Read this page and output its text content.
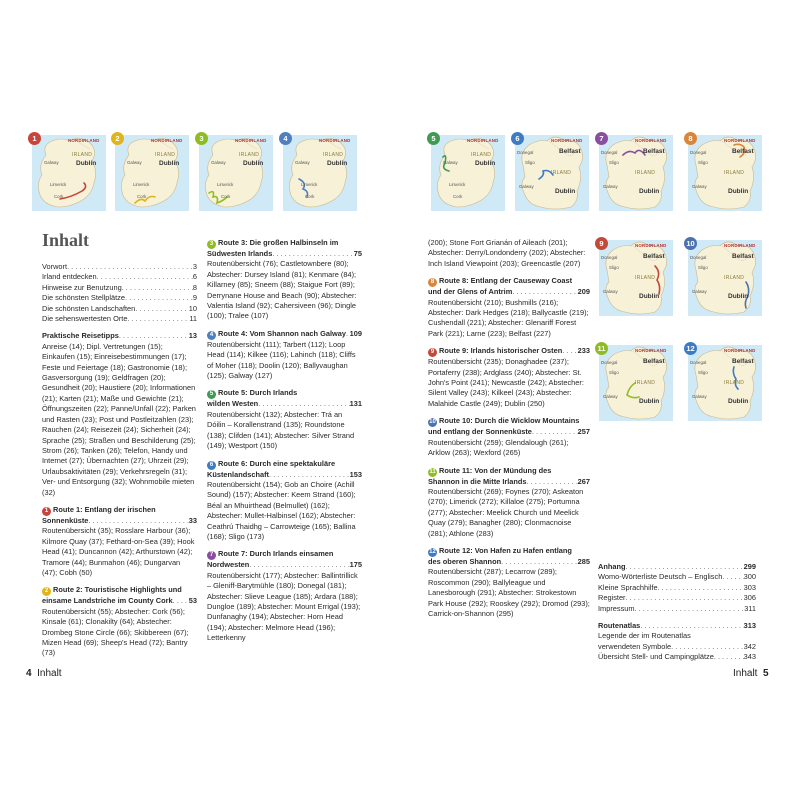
NORDIRLAND
IRLAND
Dublin
Galway
Limerick
Cork
1	NORDIRLAND
IRLAND
Dublin
Galway
Limerick
Cork
2	NORDIRLAND
IRLAND
Dublin
Galway
Limerick
Cork
3	NORDIRLAND
IRLAND
Dublin
Galway
Limerick
Cork
4	NORDIRLAND
IRLAND
Dublin
Galway
Limerick
Cork
5	NORDIRLAND
Belfast
IRLAND
Dublin
Donegal
Sligo
Galway
6	NORDIRLAND
Belfast
IRLAND
Dublin
Donegal
Sligo
Galway
7	NORDIRLAND
Belfast
IRLAND
Dublin
Donegal
Sligo
Galway
8
NORDIRLAND
Belfast
IRLAND
Dublin
Donegal
Sligo
Galway
9	NORDIRLAND
Belfast
IRLAND
Dublin
Donegal
Sligo
Galway
10
NORDIRLAND
Belfast
IRLAND
Dublin
Donegal
Sligo
Galway
11	NORDIRLAND
Belfast
IRLAND
Dublin
Donegal
Sligo
Galway
12
Inhalt
Vorwort . . .	3
Irland entdecken . . .	6
Hinweise zur Benutzung . . .	8
Die schönsten Stellplätze . . .	9
Die schönsten Landschaften . . .	10
Die sehenswertesten Orte . . .	11
Praktische Reisetipps . . .	13
Anreise (14); Dipl. Vertretungen (15); Einkaufen (15); Einreisebestimmungen (17); Feste und Feiertage (18); Gastronomie (18); Gasversorgung (19); Geldfragen (20); Gesundheit (20); Haustiere (20); Informationen (21); Karten (21); Maße und Gewichte (21); Öffnungszeiten (22); Panne/Unfall (22); Parken und Rasten (23); Post und Postleitzahlen (23); Rauchen (24); Reisezeit (24); Sicherheit (24); Sprache (25); Straßen und Beschilderung (25); Strom (26); Tanken (26); Telefon, Handy und Internet (27); Übernachten (27); Uhrzeit (29); Urlaubsaktivitäten (29); Verkehrsregeln (31); Ver- und Entsorgung (32); Wohnmobile mieten (32)
1 Route 1: Entlang der irischen
Sonnenküste . . .	33
Routenübersicht (35); Rosslare Harbour (36); Kilmore Quay (37); Fethard-on-Sea (39); Hook Head (41); Duncannon (42); Arthurstown (42); Tramore (44); Bunmahon (46); Dungarvan (47); Cobh (50)
2 Route 2: Touristische Highlights und
einsame Landstriche im County Cork . . . 53
Routenübersicht (55); Abstecher: Cork (56); Kinsale (61); Clonakilty (64); Abstecher: Drombeg Stone Circle (66); Skibbereen (67); Mizen Head (69); Sheep's Head (72); Bantry (73)
3 Route 3: Die großen Halbinseln im
Südwesten Irlands . . .	75
Routenübersicht (76); Castletownbere (80); Abstecher: Dursey Island (81); Kenmare (84); Killarney (85); Sneem (88); Staigue Fort (89); Derrynane House and Beach (90); Abstecher: Valentia Island (92); Cahersiveen (96); Dingle (100); Tralee (107)
4 Route 4: Vom Shannon nach Galway . . . 109
Routenübersicht (111); Tarbert (112); Loop Head (114); Kilkee (116); Lahinch (118); Cliffs of Moher (118); Doolin (120); Ballyvaughan (125); Galway (127)
5 Route 5: Durch Irlands
wilden Westen . . .	131
Routenübersicht (132); Abstecher: Trá an Dóilin – Korallenstrand (135); Roundstone (138); Clifden (141); Abstecher: Silver Strand (149); Westport (150)
6 Route 6: Durch eine spektakuläre
Küstenlandschaft . . .	153
Routenübersicht (154); Gob an Choire (Achill Sound) (157); Abstecher: Keem Strand (160); Béal an Mhuirthead (Belmullet) (162); Abstecher: Mullet-Halbinsel (162); Abstecher: Ceathrú Thaidhg – Carrowteige (165); Ballina (168); Sligo (173)
7 Route 7: Durch Irlands einsamen
Nordwesten . . .	175
Routenübersicht (177); Abstecher: Ballintrillick – Gleniff-Barytmühle (180); Donegal (181); Abstecher: Slieve League (185); Ardara (188); Dungloe (189); Abstecher: Mount Errigal (193); Dunfanaghy (194); Abstecher: Horn Head (194); Abstecher: Melmore Head (196); Letterkenny
(200); Stone Fort Grianán of Aileach (201); Abstecher: Derry/Londonderry (202); Abstecher: Inch Island Viewpoint (203); Greencastle (207)
8 Route 8: Entlang der Causeway Coast
und der Glens of Antrim . . .	209
Routenübersicht (210); Bushmills (216); Abstecher: Dark Hedges (218); Ballycastle (219); Cushendall (221); Abstecher: Glenariff Forest Park (221); Larne (223); Belfast (227)
9 Route 9: Irlands historischer Osten . . . 233
Routenübersicht (235); Donaghadee (237); Portaferry (238); Ardglass (240); Abstecher: St. John's Point (241); Newcastle (242); Abstecher: Silent Valley (243); Kilkeel (243); Abstecher: Malahide Castle (249); Dublin (250)
10 Route 10: Durch die Wicklow Mountains
und entlang der Sonnenküste . . .	257
Routenübersicht (259); Glendalough (261); Arklow (263); Wexford (265)
11 Route 11: Von der Mündung des
Shannon in die Mitte Irlands . . .	267
Routenübersicht (269); Foynes (270); Askeaton (270); Limerick (272); Killaloe (275); Portumna (277); Abstecher: Meelick Church und Meelick Quay (279); Banagher (280); Clonmacnoise (281); Athlone (283)
12 Route 12: Von Hafen zu Hafen entlang
des oberen Shannon . . .	285
Routenübersicht (287); Lecarrow (289); Roscommon (290); Ballyleague und Lanesborough (291); Abstecher: Strokestown Park House (292); Rooskey (292); Dromod (293); Carrick-on-Shannon (295)
Anhang . . .	299
Womo-Wörterliste Deutsch – Englisch . . .	300
Kleine Sprachhilfe . . .	303
Register . . .	306
Impressum . . .	311
Routenatlas . . .	313
Legende der im Routenatlas
verwendeten Symbole . . .	342
Übersicht Stell- und Campingplätze . . .	343
4 Inhalt	Inhalt 5
